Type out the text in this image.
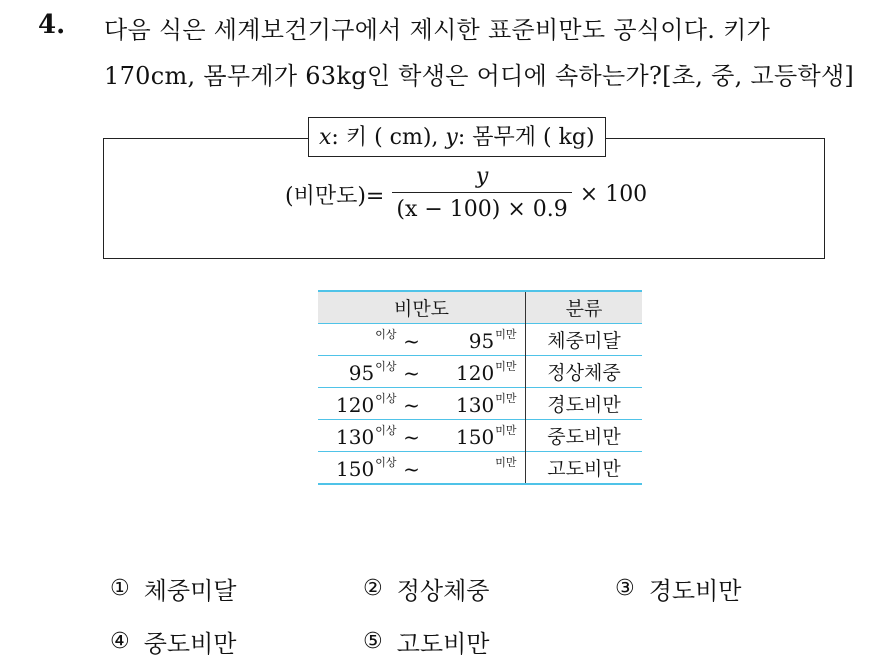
4. 다음 식은 세계보건기구에서 제시한 표준비만도 공식이다. 키가
170cm, 몸무게가 63kg인 학생은 어디에 속하는가?[초, 중, 고등학생]
x: 키 ( cm), y: 몸무게 ( kg)
(비만도)= $\frac{y}{(x - 100) \times 0.9} \times 100$
비만도	분류

$^{이상}$ ~ $95^{미만}$	체중미달

$95^{이상}$ ~ $120^{미만}$	정상체중

$120^{이상}$ ~ $130^{미만}$	경도비만

$130^{이상}$ ~ $150^{미만}$	중도비만

$150^{이상}$ ~ $^{미만}$	고도비만
① 체중미달	② 정상체중	③ 경도비만
④ 중도비만	⑤ 고도비만
